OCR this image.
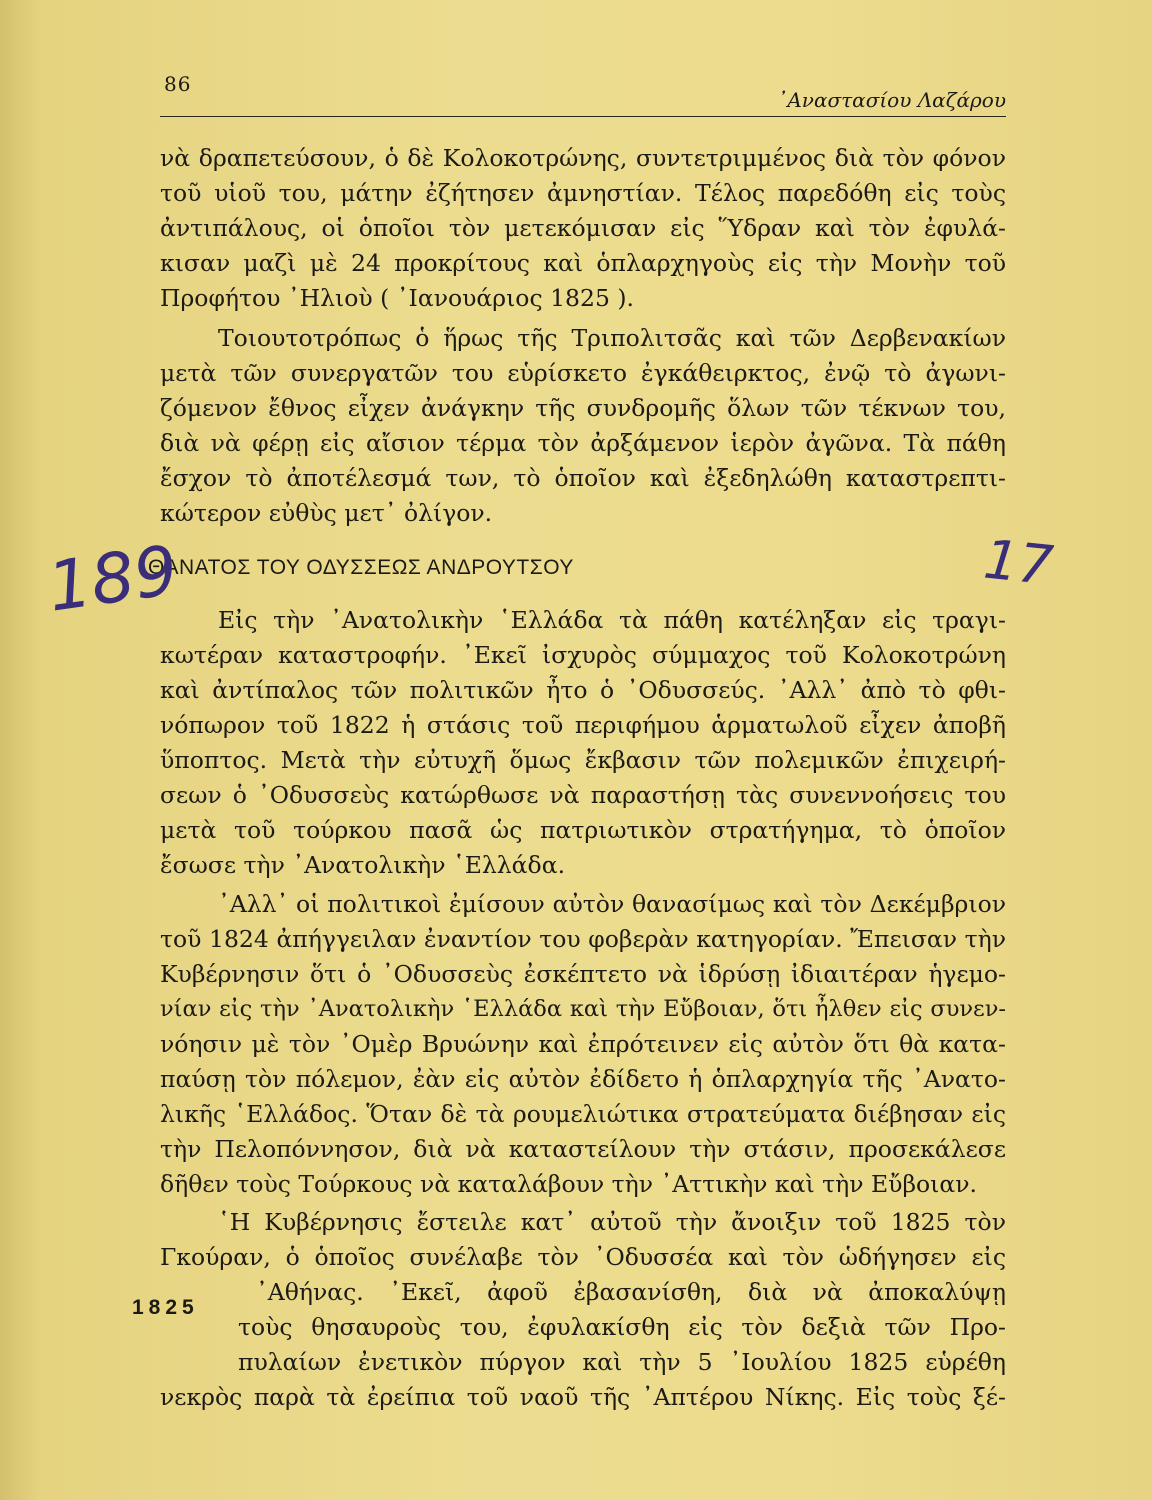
86
᾿Αναστασίου Λαζάρου
νὰ δραπετεύσουν, ὁ δὲ Κολοκοτρώνης, συντετριμμένος διὰ τὸν φόνον
τοῦ υἱοῦ του, μάτην ἐζήτησεν ἀμνηστίαν. Τέλος παρεδόθη εἰς τοὺς
ἀντιπάλους, οἱ ὁποῖοι τὸν μετεκόμισαν εἰς Ὕδραν καὶ τὸν ἐφυλά-
κισαν μαζὶ μὲ 24 προκρίτους καὶ ὁπλαρχηγοὺς εἰς τὴν Μονὴν τοῦ
Προφήτου ᾿Ηλιοὺ ( ᾿Ιανουάριος 1825 ).
Τοιουτοτρόπως ὁ ἥρως τῆς Τριπολιτσᾶς καὶ τῶν Δερβενακίων
μετὰ τῶν συνεργατῶν του εὑρίσκετο ἐγκάθειρκτος, ἐνῷ τὸ ἀγωνι-
ζόμενον ἔθνος εἶχεν ἀνάγκην τῆς συνδρομῆς ὅλων τῶν τέκνων του,
διὰ νὰ φέρῃ εἰς αἴσιον τέρμα τὸν ἀρξάμενον ἱερὸν ἀγῶνα. Τὰ πάθη
ἔσχον τὸ ἀποτέλεσμά των, τὸ ὁποῖον καὶ ἐξεδηλώθη καταστρεπτι-
κώτερον εὐθὺς μετ᾿ ὀλίγον.
Εἰς τὴν ᾿Ανατολικὴν ῾Ελλάδα τὰ πάθη κατέληξαν εἰς τραγι-
κωτέραν καταστροφήν. ᾿Εκεῖ ἰσχυρὸς σύμμαχος τοῦ Κολοκοτρώνη
καὶ ἀντίπαλος τῶν πολιτικῶν ἦτο ὁ ᾿Οδυσσεύς. ᾿Αλλ᾿ ἀπὸ τὸ φθι-
νόπωρον τοῦ 1822 ἡ στάσις τοῦ περιφήμου ἁρματωλοῦ εἶχεν ἀποβῆ
ὕποπτος. Μετὰ τὴν εὐτυχῆ ὅμως ἔκβασιν τῶν πολεμικῶν ἐπιχειρή-
σεων ὁ ᾿Οδυσσεὺς κατώρθωσε νὰ παραστήσῃ τὰς συνεννοήσεις του
μετὰ τοῦ τούρκου πασᾶ ὡς πατριωτικὸν στρατήγημα, τὸ ὁποῖον
ἔσωσε τὴν ᾿Ανατολικὴν ῾Ελλάδα.
᾿Αλλ᾿ οἱ πολιτικοὶ ἐμίσουν αὐτὸν θανασίμως καὶ τὸν Δεκέμβριον
τοῦ 1824 ἀπήγγειλαν ἐναντίον του φοβερὰν κατηγορίαν. Ἔπεισαν τὴν
Κυβέρνησιν ὅτι ὁ ᾿Οδυσσεὺς ἐσκέπτετο νὰ ἱδρύσῃ ἰδιαιτέραν ἡγεμο-
νίαν εἰς τὴν ᾿Ανατολικὴν ῾Ελλάδα καὶ τὴν Εὔβοιαν, ὅτι ἦλθεν εἰς συνεν-
νόησιν μὲ τὸν ᾿Ομὲρ Βρυώνην καὶ ἐπρότεινεν εἰς αὐτὸν ὅτι θὰ κατα-
παύσῃ τὸν πόλεμον, ἐὰν εἰς αὐτὸν ἐδίδετο ἡ ὁπλαρχηγία τῆς ᾿Ανατο-
λικῆς ῾Ελλάδος. Ὅταν δὲ τὰ ρουμελιώτικα στρατεύματα διέβησαν εἰς
τὴν Πελοπόννησον, διὰ νὰ καταστείλουν τὴν στάσιν, προσεκάλεσε
δῆθεν τοὺς Τούρκους νὰ καταλάβουν τὴν ᾿Αττικὴν καὶ τὴν Εὔβοιαν.
῾Η Κυβέρνησις ἔστειλε κατ᾿ αὐτοῦ τὴν ἄνοιξιν τοῦ 1825 τὸν
Γκούραν, ὁ ὁποῖος συνέλαβε τὸν ᾿Οδυσσέα καὶ τὸν ὡδήγησεν εἰς
᾿Αθήνας. ᾿Εκεῖ, ἀφοῦ ἐβασανίσθη, διὰ νὰ ἀποκαλύψῃ
τοὺς θησαυροὺς του, ἐφυλακίσθη εἰς τὸν δεξιὰ τῶν Προ-
πυλαίων ἐνετικὸν πύργον καὶ τὴν 5 ᾿Ιουλίου 1825 εὑρέθη
νεκρὸς παρὰ τὰ ἐρείπια τοῦ ναοῦ τῆς ᾿Απτέρου Νίκης. Εἰς τοὺς ξέ-
ΘΑΝΑΤΟΣ ΤΟΥ ΟΔΥΣΣΕΩΣ ΑΝΔΡΟΥΤΣΟΥ
189	17
1825
